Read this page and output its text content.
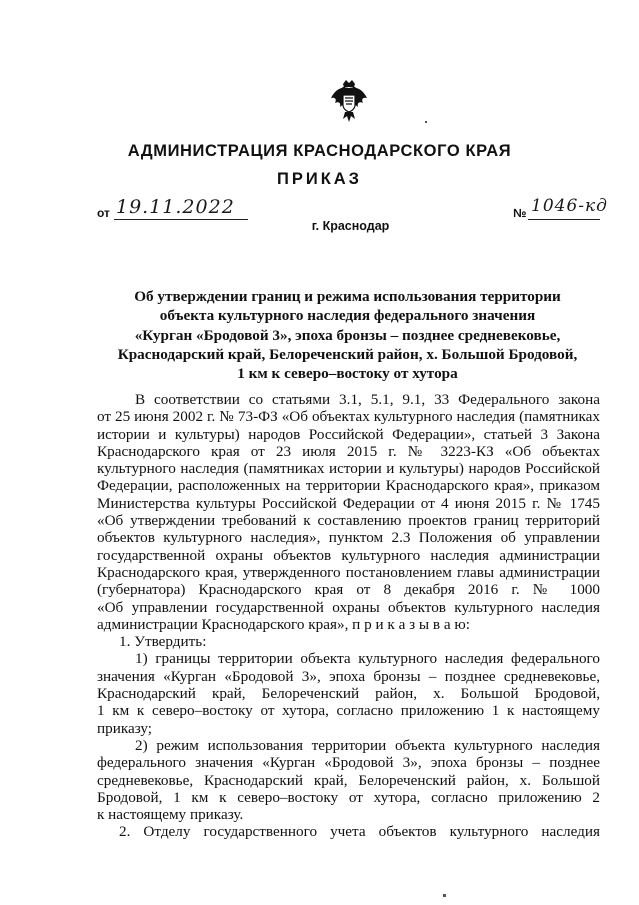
АДМИНИСТРАЦИЯ КРАСНОДАРСКОГО КРАЯ
ПРИКАЗ
от 19.11.2022	№ 1046-кд
г. Краснодар
Об утверждении границ и режима использования территории
объекта культурного наследия федерального значения
«Курган «Бродовой 3», эпоха бронзы – позднее средневековье,
Краснодарский край, Белореченский район, х. Большой Бродовой,
1 км к северо–востоку от хутора
В соответствии со статьями 3.1, 5.1, 9.1, 33 Федерального закона
от 25 июня 2002 г. № 73-ФЗ «Об объектах культурного наследия (памятниках
истории и культуры) народов Российской Федерации», статьей 3 Закона
Краснодарского края от 23 июля 2015 г. № 3223-КЗ «Об объектах
культурного наследия (памятниках истории и культуры) народов Российской
Федерации, расположенных на территории Краснодарского края», приказом
Министерства культуры Российской Федерации от 4 июня 2015 г. № 1745
«Об утверждении требований к составлению проектов границ территорий
объектов культурного наследия», пунктом 2.3 Положения об управлении
государственной охраны объектов культурного наследия администрации
Краснодарского края, утвержденного постановлением главы администрации
(губернатора) Краснодарского края от 8 декабря 2016 г. № 1000
«Об управлении государственной охраны объектов культурного наследия
администрации Краснодарского края», п р и к а з ы в а ю:
1. Утвердить:
1) границы территории объекта культурного наследия федерального
значения «Курган «Бродовой 3», эпоха бронзы – позднее средневековье,
Краснодарский край, Белореченский район, х. Большой Бродовой,
1 км к северо–востоку от хутора, согласно приложению 1 к настоящему
приказу;
2) режим использования территории объекта культурного наследия
федерального значения «Курган «Бродовой 3», эпоха бронзы – позднее
средневековье, Краснодарский край, Белореченский район, х. Большой
Бродовой, 1 км к северо–востоку от хутора, согласно приложению 2
к настоящему приказу.
2. Отделу государственного учета объектов культурного наследия
